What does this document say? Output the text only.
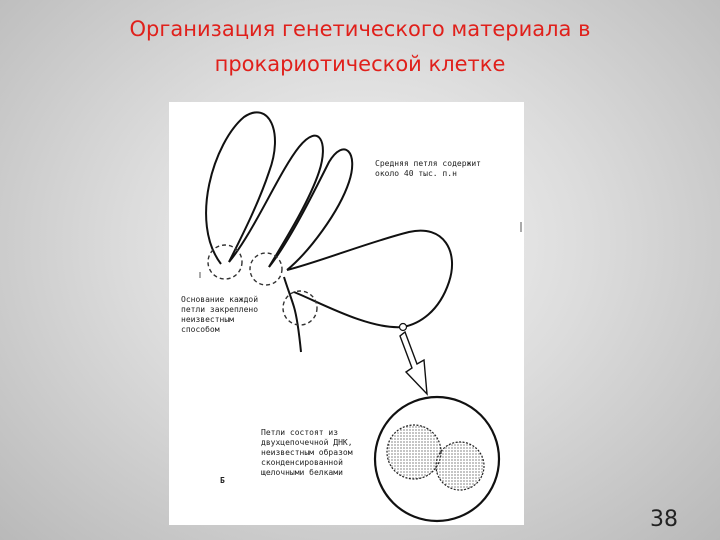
Организация генетического материала в прокариотической клетке
Средняя петля содержит
около 40 тыс. п.н
Основание каждой
петли закреплено
неизвестным
способом
Петли состоят из
двухцепочечной ДНК,
неизвестным образом
сконденсированной
щелочными белками
Б
38
